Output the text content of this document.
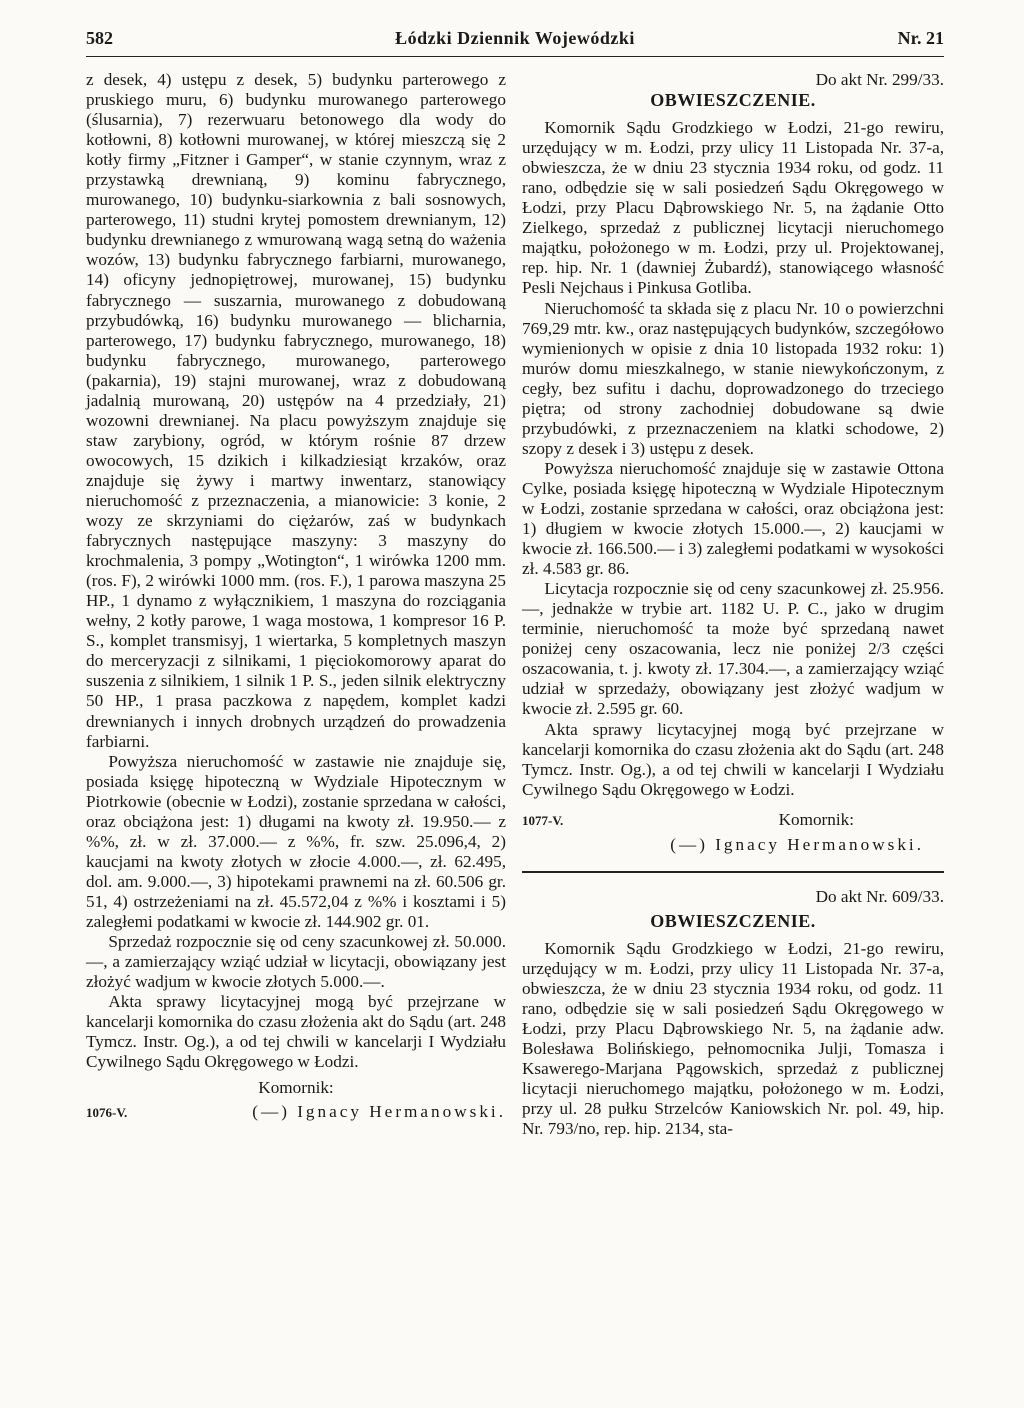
582	Łódzki Dziennik Wojewódzki	Nr. 21

z desek, 4) ustępu z desek, 5) budynku parterowego z pruskiego muru, 6) budynku murowanego parterowego (ślusarnia), 7) rezerwuaru betonowego dla wody do kotłowni, 8) kotłowni murowanej, w której mieszczą się 2 kotły firmy „Fitzner i Gamper“, w stanie czynnym, wraz z przystawką drewnianą, 9) kominu fabrycznego, murowanego, 10) budynku-siarkownia z bali sosnowych, parterowego, 11) studni krytej pomostem drewnianym, 12) budynku drewnianego z wmurowaną wagą setną do ważenia wozów, 13) budynku fabrycznego farbiarni, murowanego, 14) oficyny jednopiętrowej, murowanej, 15) budynku fabrycznego — suszarnia, murowanego z dobudowaną przybudówką, 16) budynku murowanego — blicharnia, parterowego, 17) budynku fabrycznego, murowanego, 18) budynku fabrycznego, murowanego, parterowego (pakarnia), 19) stajni murowanej, wraz z dobudowaną jadalnią murowaną, 20) ustępów na 4 przedziały, 21) wozowni drewnianej. Na placu powyższym znajduje się staw zarybiony, ogród, w którym rośnie 87 drzew owocowych, 15 dzikich i kilkadziesiąt krzaków, oraz znajduje się żywy i martwy inwentarz, stanowiący nieruchomość z przeznaczenia, a mianowicie: 3 konie, 2 wozy ze skrzyniami do ciężarów, zaś w budynkach fabrycznych następujące maszyny: 3 maszyny do krochmalenia, 3 pompy „Wotington“, 1 wirówka 1200 mm. (ros. F), 2 wirówki 1000 mm. (ros. F.), 1 parowa maszyna 25 HP., 1 dynamo z wyłącznikiem, 1 maszyna do rozciągania wełny, 2 kotły parowe, 1 waga mostowa, 1 kompresor 16 P. S., komplet transmisyj, 1 wiertarka, 5 kompletnych maszyn do merceryzacji z silnikami, 1 pięciokomorowy aparat do suszenia z silnikiem, 1 silnik 1 P. S., jeden silnik elektryczny 50 HP., 1 prasa paczkowa z napędem, komplet kadzi drewnianych i innych drobnych urządzeń do prowadzenia farbiarni.

Powyższa nieruchomość w zastawie nie znajduje się, posiada księgę hipoteczną w Wydziale Hipotecznym w Piotrkowie (obecnie w Łodzi), zostanie sprzedana w całości, oraz obciążona jest: 1) długami na kwoty zł. 19.950.— z %%, zł. w zł. 37.000.— z %%, fr. szw. 25.096,4, 2) kaucjami na kwoty złotych w złocie 4.000.—, zł. 62.495, dol. am. 9.000.—, 3) hipotekami prawnemi na zł. 60.506 gr. 51, 4) ostrzeżeniami na zł. 45.572,04 z %% i kosztami i 5) zaległemi podatkami w kwocie zł. 144.902 gr. 01.

Sprzedaż rozpocznie się od ceny szacunkowej zł. 50.000.—, a zamierzający wziąć udział w licytacji, obowiązany jest złożyć wadjum w kwocie złotych 5.000.—.

Akta sprawy licytacyjnej mogą być przejrzane w kancelarji komornika do czasu złożenia akt do Sądu (art. 248 Tymcz. Instr. Og.), a od tej chwili w kancelarji I Wydziału Cywilnego Sądu Okręgowego w Łodzi.

Komornik:
1076-V.	(—) Ignacy Hermanowski.
Do akt Nr. 299/33.
OBWIESZCZENIE.

Komornik Sądu Grodzkiego w Łodzi, 21-go rewiru, urzędujący w m. Łodzi, przy ulicy 11 Listopada Nr. 37-a, obwieszcza, że w dniu 23 stycznia 1934 roku, od godz. 11 rano, odbędzie się w sali posiedzeń Sądu Okręgowego w Łodzi, przy Placu Dąbrowskiego Nr. 5, na żądanie Otto Zielkego, sprzedaż z publicznej licytacji nieruchomego majątku, położonego w m. Łodzi, przy ul. Projektowanej, rep. hip. Nr. 1 (dawniej Żubardź), stanowiącego własność Pesli Nejchaus i Pinkusa Gotliba.

Nieruchomość ta składa się z placu Nr. 10 o powierzchni 769,29 mtr. kw., oraz następujących budynków, szczegółowo wymienionych w opisie z dnia 10 listopada 1932 roku: 1) murów domu mieszkalnego, w stanie niewykończonym, z cegły, bez sufitu i dachu, doprowadzonego do trzeciego piętra; od strony zachodniej dobudowane są dwie przybudówki, z przeznaczeniem na klatki schodowe, 2) szopy z desek i 3) ustępu z desek.

Powyższa nieruchomość znajduje się w zastawie Ottona Cylke, posiada księgę hipoteczną w Wydziale Hipotecznym w Łodzi, zostanie sprzedana w całości, oraz obciążona jest: 1) długiem w kwocie złotych 15.000.—, 2) kaucjami w kwocie zł. 166.500.— i 3) zaległemi podatkami w wysokości zł. 4.583 gr. 86.

Licytacja rozpocznie się od ceny szacunkowej zł. 25.956.—, jednakże w trybie art. 1182 U. P. C., jako w drugim terminie, nieruchomość ta może być sprzedaną nawet poniżej ceny oszacowania, lecz nie poniżej 2/3 części oszacowania, t. j. kwoty zł. 17.304.—, a zamierzający wziąć udział w sprzedaży, obowiązany jest złożyć wadjum w kwocie zł. 2.595 gr. 60.

Akta sprawy licytacyjnej mogą być przejrzane w kancelarji komornika do czasu złożenia akt do Sądu (art. 248 Tymcz. Instr. Og.), a od tej chwili w kancelarji I Wydziału Cywilnego Sądu Okręgowego w Łodzi.

1077-V.	Komornik:
(—) Ignacy Hermanowski.
Do akt Nr. 609/33.
OBWIESZCZENIE.

Komornik Sądu Grodzkiego w Łodzi, 21-go rewiru, urzędujący w m. Łodzi, przy ulicy 11 Listopada Nr. 37-a, obwieszcza, że w dniu 23 stycznia 1934 roku, od godz. 11 rano, odbędzie się w sali posiedzeń Sądu Okręgowego w Łodzi, przy Placu Dąbrowskiego Nr. 5, na żądanie adw. Bolesława Bolińskiego, pełnomocnika Julji, Tomasza i Ksawerego-Marjana Pągowskich, sprzedaż z publicznej licytacji nieruchomego majątku, położonego w m. Łodzi, przy ul. 28 pułku Strzelców Kaniowskich Nr. pol. 49, hip. Nr. 793/no, rep. hip. 2134, sta-
